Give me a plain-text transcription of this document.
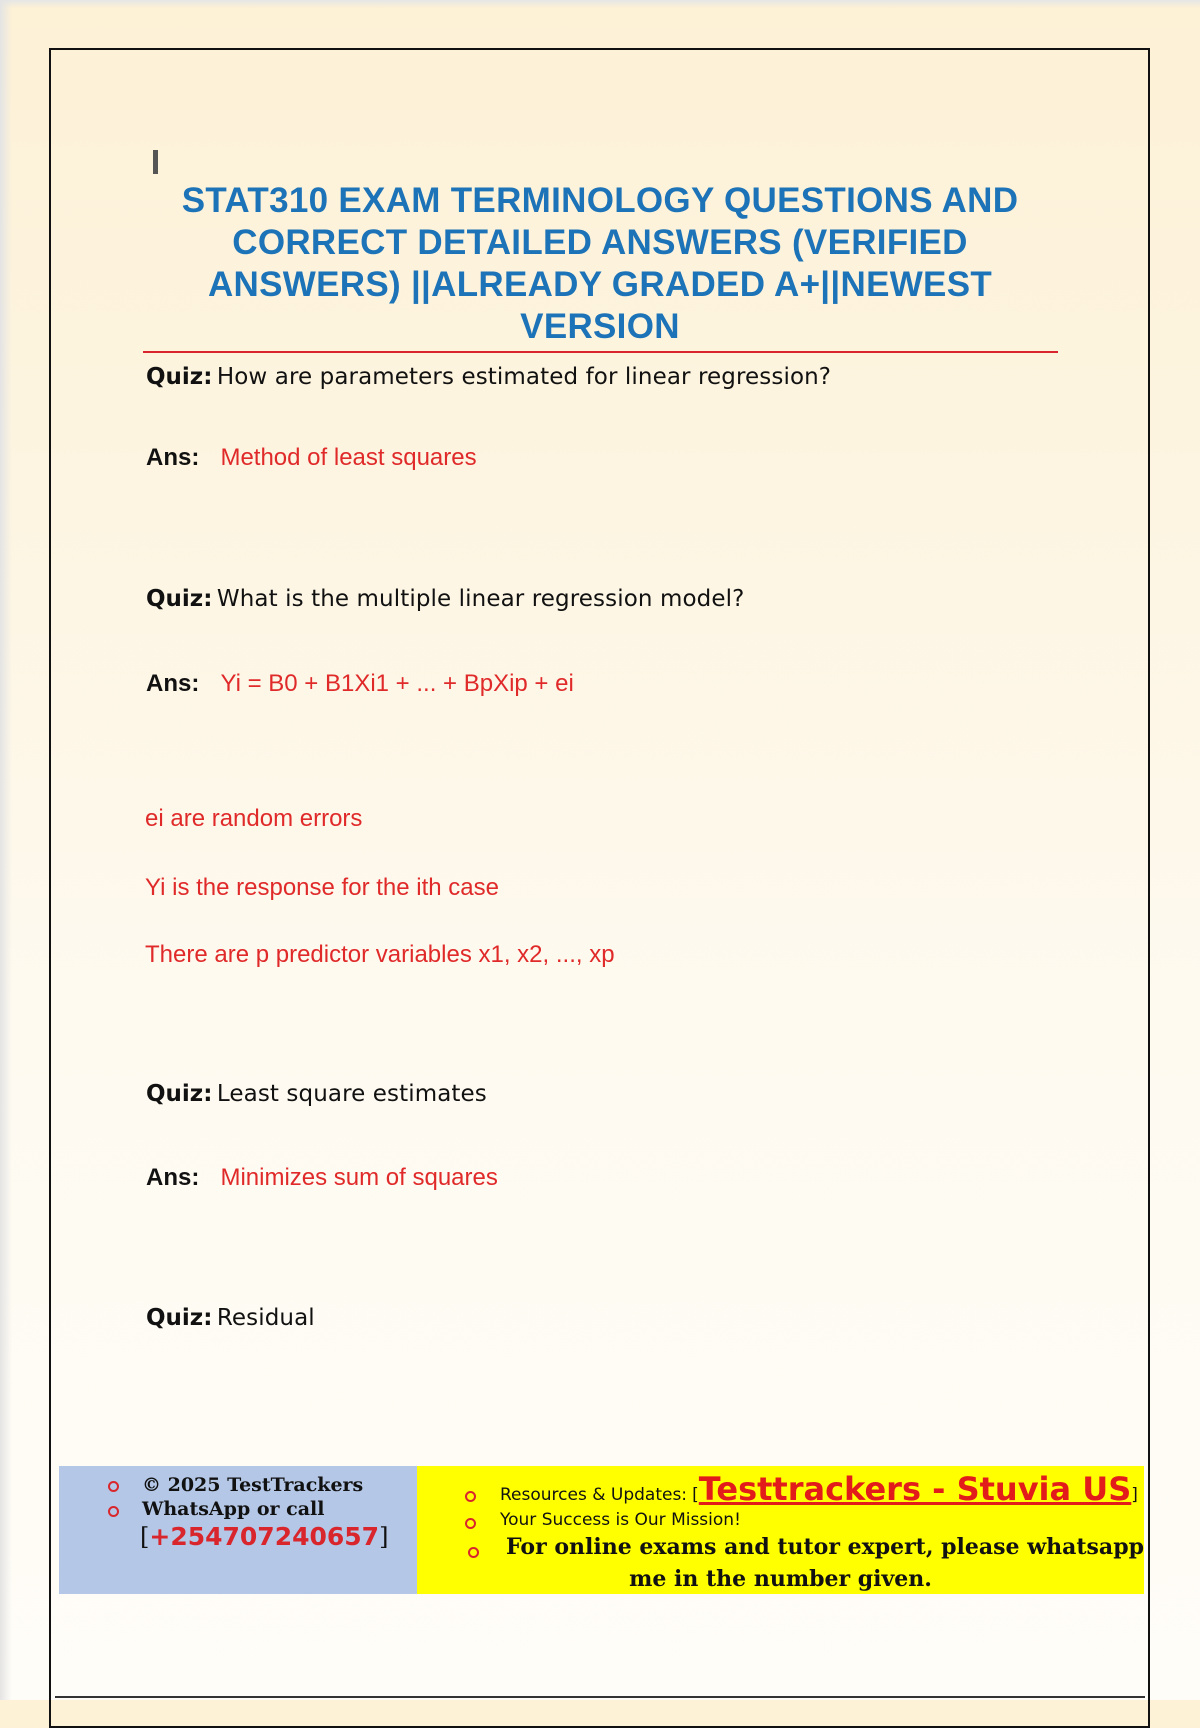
STAT310 EXAM TERMINOLOGY QUESTIONS AND CORRECT DETAILED ANSWERS (VERIFIED ANSWERS) ||ALREADY GRADED A+||NEWEST VERSION
Quiz: How are parameters estimated for linear regression?
Ans: Method of least squares
Quiz: What is the multiple linear regression model?
Ans: Yi = B0 + B1Xi1 + ... + BpXip + ei
ei are random errors
Yi is the response for the ith case
There are p predictor variables x1, x2, ..., xp
Quiz: Least square estimates
Ans: Minimizes sum of squares
Quiz: Residual
© 2025 TestTrackers
WhatsApp or call
[+254707240657]
Resources & Updates: [Testtrackers - Stuvia US]
Your Success is Our Mission!
For online exams and tutor expert, please whatsapp
me in the number given.
